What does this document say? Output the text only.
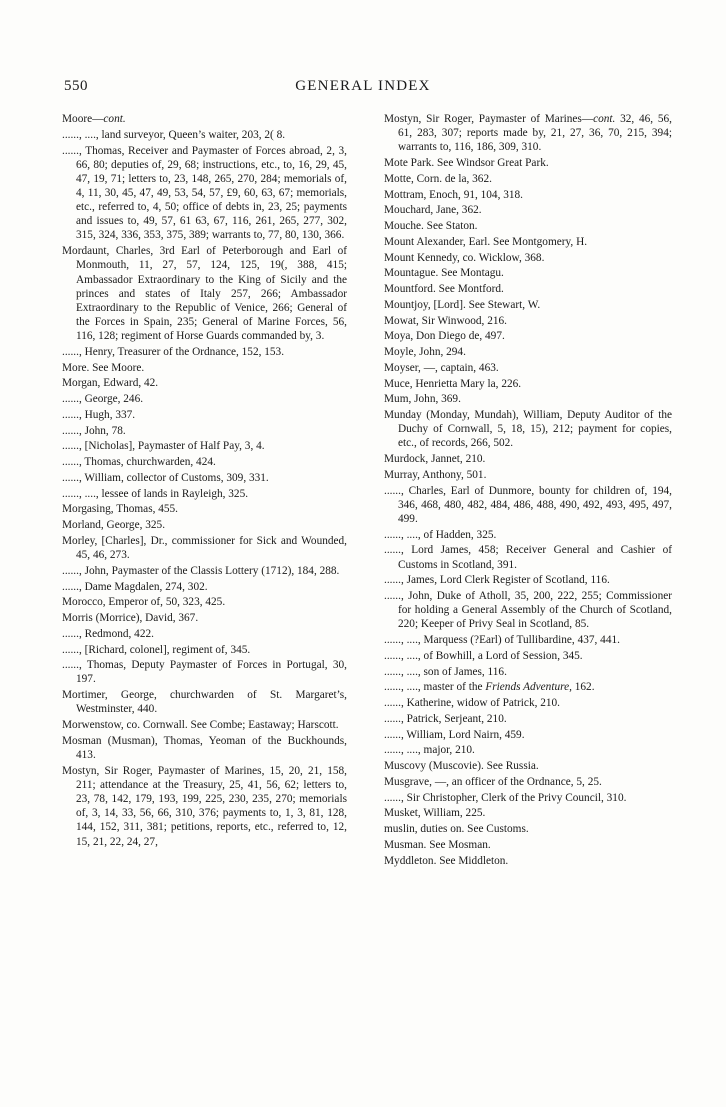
550	GENERAL INDEX

Moore—cont.

......, ...., land surveyor, Queen’s waiter, 203, 2( 8.

......, Thomas, Receiver and Paymaster of Forces abroad, 2, 3, 66, 80; deputies of, 29, 68; instructions, etc., to, 16, 29, 45, 47, 19, 71; letters to, 23, 148, 265, 270, 284; memorials of, 4, 11, 30, 45, 47, 49, 53, 54, 57, £9, 60, 63, 67; memorials, etc., referred to, 4, 50; office of debts in, 23, 25; payments and issues to, 49, 57, 61 63, 67, 116, 261, 265, 277, 302, 315, 324, 336, 353, 375, 389; warrants to, 77, 80, 130, 366.

Mordaunt, Charles, 3rd Earl of Peterborough and Earl of Monmouth, 11, 27, 57, 124, 125, 19(, 388, 415; Ambassador Extraordinary to the King of Sicily and the princes and states of Italy 257, 266; Ambassador Extraordinary to the Republic of Venice, 266; General of the Forces in Spain, 235; General of Marine Forces, 56, 116, 128; regiment of Horse Guards commanded by, 3.

......, Henry, Treasurer of the Ordnance, 152, 153.

More. See Moore.

Morgan, Edward, 42.

......, George, 246.

......, Hugh, 337.

......, John, 78.

......, [Nicholas], Paymaster of Half Pay, 3, 4.

......, Thomas, churchwarden, 424.

......, William, collector of Customs, 309, 331.

......, ...., lessee of lands in Rayleigh, 325.

Morgasing, Thomas, 455.

Morland, George, 325.

Morley, [Charles], Dr., commissioner for Sick and Wounded, 45, 46, 273.

......, John, Paymaster of the Classis Lottery (1712), 184, 288.

......, Dame Magdalen, 274, 302.

Morocco, Emperor of, 50, 323, 425.

Morris (Morrice), David, 367.

......, Redmond, 422.

......, [Richard, colonel], regiment of, 345.

......, Thomas, Deputy Paymaster of Forces in Portugal, 30, 197.

Mortimer, George, churchwarden of St. Margaret’s, Westminster, 440.

Morwenstow, co. Cornwall. See Combe; Eastaway; Harscott.

Mosman (Musman), Thomas, Yeoman of the Buckhounds, 413.

Mostyn, Sir Roger, Paymaster of Marines, 15, 20, 21, 158, 211; attendance at the Treasury, 25, 41, 56, 62; letters to, 23, 78, 142, 179, 193, 199, 225, 230, 235, 270; memorials of, 3, 14, 33, 56, 66, 310, 376; payments to, 1, 3, 81, 128, 144, 152, 311, 381; petitions, reports, etc., referred to, 12, 15, 21, 22, 24, 27,

Mostyn, Sir Roger, Paymaster of Marines—cont. 32, 46, 56, 61, 283, 307; reports made by, 21, 27, 36, 70, 215, 394; warrants to, 116, 186, 309, 310.

Mote Park. See Windsor Great Park.

Motte, Corn. de la, 362.

Mottram, Enoch, 91, 104, 318.

Mouchard, Jane, 362.

Mouche. See Staton.

Mount Alexander, Earl. See Montgomery, H.

Mount Kennedy, co. Wicklow, 368.

Mountague. See Montagu.

Mountford. See Montford.

Mountjoy, [Lord]. See Stewart, W.

Mowat, Sir Winwood, 216.

Moya, Don Diego de, 497.

Moyle, John, 294.

Moyser, —, captain, 463.

Muce, Henrietta Mary la, 226.

Mum, John, 369.

Munday (Monday, Mundah), William, Deputy Auditor of the Duchy of Cornwall, 5, 18, 15), 212; payment for copies, etc., of records, 266, 502.

Murdock, Jannet, 210.

Murray, Anthony, 501.

......, Charles, Earl of Dunmore, bounty for children of, 194, 346, 468, 480, 482, 484, 486, 488, 490, 492, 493, 495, 497, 499.

......, ...., of Hadden, 325.

......, Lord James, 458; Receiver General and Cashier of Customs in Scotland, 391.

......, James, Lord Clerk Register of Scotland, 116.

......, John, Duke of Atholl, 35, 200, 222, 255; Commissioner for holding a General Assembly of the Church of Scotland, 220; Keeper of Privy Seal in Scotland, 85.

......, ...., Marquess (?Earl) of Tullibardine, 437, 441.

......, ...., of Bowhill, a Lord of Session, 345.

......, ...., son of James, 116.

......, ...., master of the Friends Adventure, 162.

......, Katherine, widow of Patrick, 210.

......, Patrick, Serjeant, 210.

......, William, Lord Nairn, 459.

......, ...., major, 210.

Muscovy (Muscovie). See Russia.

Musgrave, —, an officer of the Ordnance, 5, 25.

......, Sir Christopher, Clerk of the Privy Council, 310.

Musket, William, 225.

muslin, duties on. See Customs.

Musman. See Mosman.

Myddleton. See Middleton.
